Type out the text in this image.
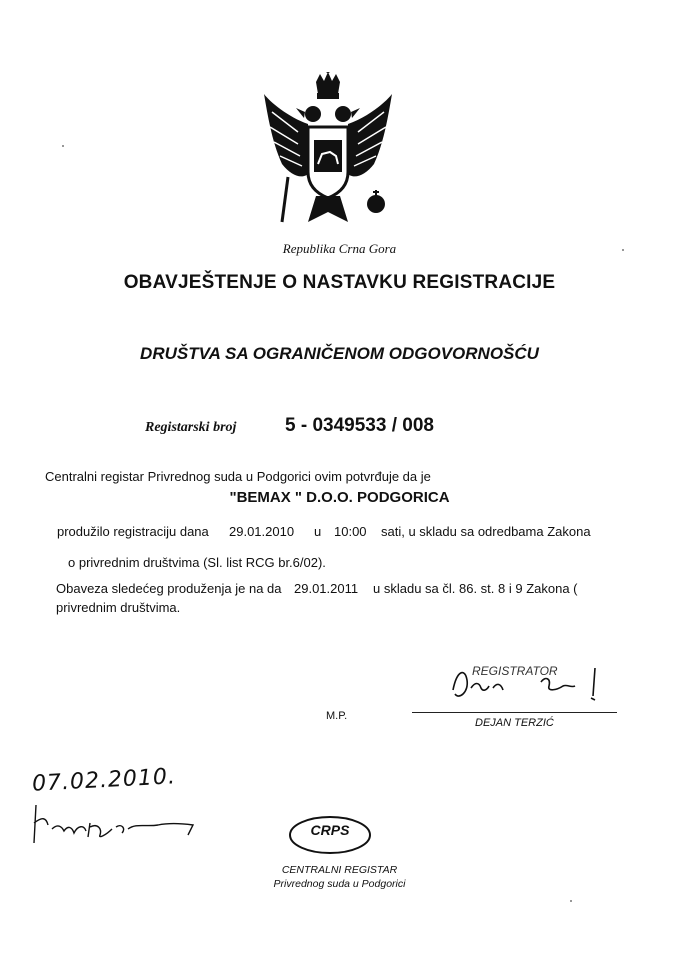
Republika Crna Gora
OBAVJEŠTENJE O NASTAVKU REGISTRACIJE
DRUŠTVA SA OGRANIČENOM ODGOVORNOŠĆU
Registarski broj	5 - 0349533 / 008
Centralni registar Privrednog suda u Podgorici ovim potvrđuje da je
"BEMAX " D.O.O. PODGORICA
produžilo registraciju dana 29.01.2010 u 10:00 sati, u skladu sa odredbama Zakona
o privrednim društvima (Sl. list RCG br.6/02).
Obaveza sledećeg produženja je na da 29.01.2011 u skladu sa čl. 86. st. 8 i 9 Zakona (
privrednim društvima.
REGISTRATOR
M.P.
DEJAN TERZIĆ
07.02.2010.
CRPS
CENTRALNI REGISTAR
Privrednog suda u Podgorici
